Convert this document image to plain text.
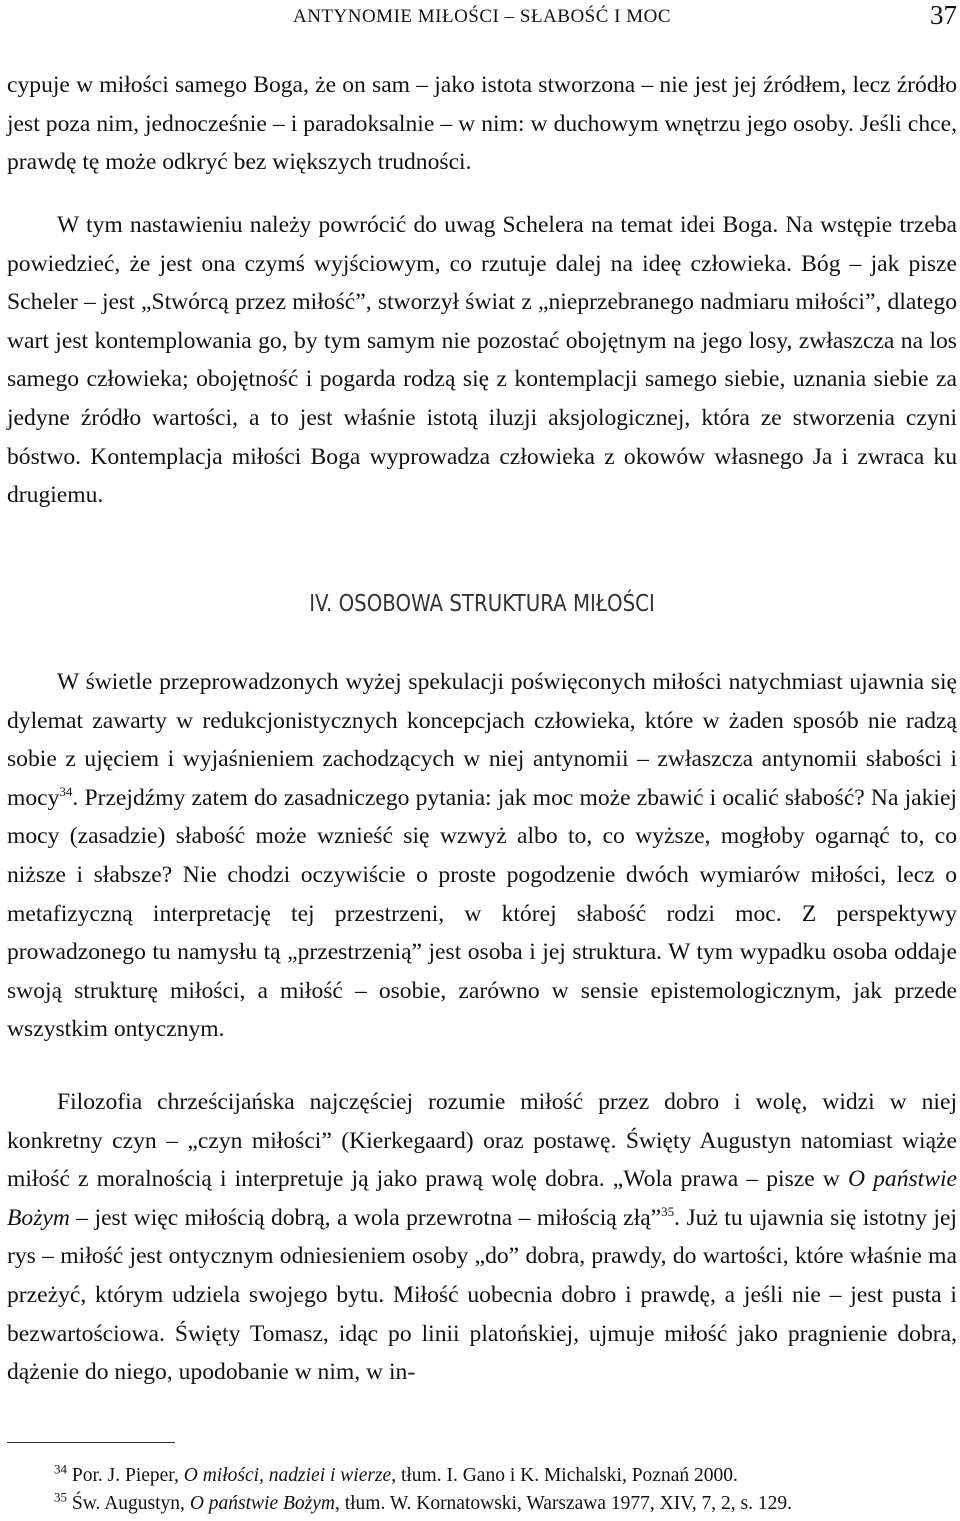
ANTYNOMIE MIŁOŚCI – SŁABOŚĆ I MOC	37

cypuje w miłości samego Boga, że on sam – jako istota stworzona – nie jest jej źródłem, lecz źródło jest poza nim, jednocześnie – i paradoksalnie – w nim: w duchowym wnętrzu jego osoby. Jeśli chce, prawdę tę może odkryć bez większych trudności.

W tym nastawieniu należy powrócić do uwag Schelera na temat idei Boga. Na wstępie trzeba powiedzieć, że jest ona czymś wyjściowym, co rzutuje dalej na ideę człowieka. Bóg – jak pisze Scheler – jest „Stwórcą przez miłość”, stworzył świat z „nieprzebranego nadmiaru miłości”, dlatego wart jest kontemplowania go, by tym samym nie pozostać obojętnym na jego losy, zwłaszcza na los samego człowieka; obojętność i pogarda rodzą się z kontemplacji samego siebie, uznania siebie za jedyne źródło wartości, a to jest właśnie istotą iluzji aksjologicznej, która ze stworzenia czyni bóstwo. Kontemplacja miłości Boga wyprowadza człowieka z okowów własnego Ja i zwraca ku drugiemu.

IV. OSOBOWA STRUKTURA MIŁOŚCI

W świetle przeprowadzonych wyżej spekulacji poświęconych miłości natychmiast ujawnia się dylemat zawarty w redukcjonistycznych koncepcjach człowieka, które w żaden sposób nie radzą sobie z ujęciem i wyjaśnieniem zachodzących w niej antynomii – zwłaszcza antynomii słabości i mocy$^{34}$. Przejdźmy zatem do zasadniczego pytania: jak moc może zbawić i ocalić słabość? Na jakiej mocy (zasadzie) słabość może wznieść się wzwyż albo to, co wyższe, mogłoby ogarnąć to, co niższe i słabsze? Nie chodzi oczywiście o proste pogodzenie dwóch wymiarów miłości, lecz o metafizyczną interpretację tej przestrzeni, w której słabość rodzi moc. Z perspektywy prowadzonego tu namysłu tą „przestrzenią” jest osoba i jej struktura. W tym wypadku osoba oddaje swoją strukturę miłości, a miłość – osobie, zarówno w sensie epistemologicznym, jak przede wszystkim ontycznym.

Filozofia chrześcijańska najczęściej rozumie miłość przez dobro i wolę, widzi w niej konkretny czyn – „czyn miłości” (Kierkegaard) oraz postawę. Święty Augustyn natomiast wiąże miłość z moralnością i interpretuje ją jako prawą wolę dobra. „Wola prawa – pisze w O państwie Bożym – jest więc miłością dobrą, a wola przewrotna – miłością złą”$^{35}$. Już tu ujawnia się istotny jej rys – miłość jest ontycznym odniesieniem osoby „do” dobra, prawdy, do wartości, które właśnie ma przeżyć, którym udziela swojego bytu. Miłość uobecnia dobro i prawdę, a jeśli nie – jest pusta i bezwartościowa. Święty Tomasz, idąc po linii platońskiej, ujmuje miłość jako pragnienie dobra, dążenie do niego, upodobanie w nim, w in-

$^{34}$ Por. J. Pieper, O miłości, nadziei i wierze, tłum. I. Gano i K. Michalski, Poznań 2000.
$^{35}$ Św. Augustyn, O państwie Bożym, tłum. W. Kornatowski, Warszawa 1977, XIV, 7, 2, s. 129.
